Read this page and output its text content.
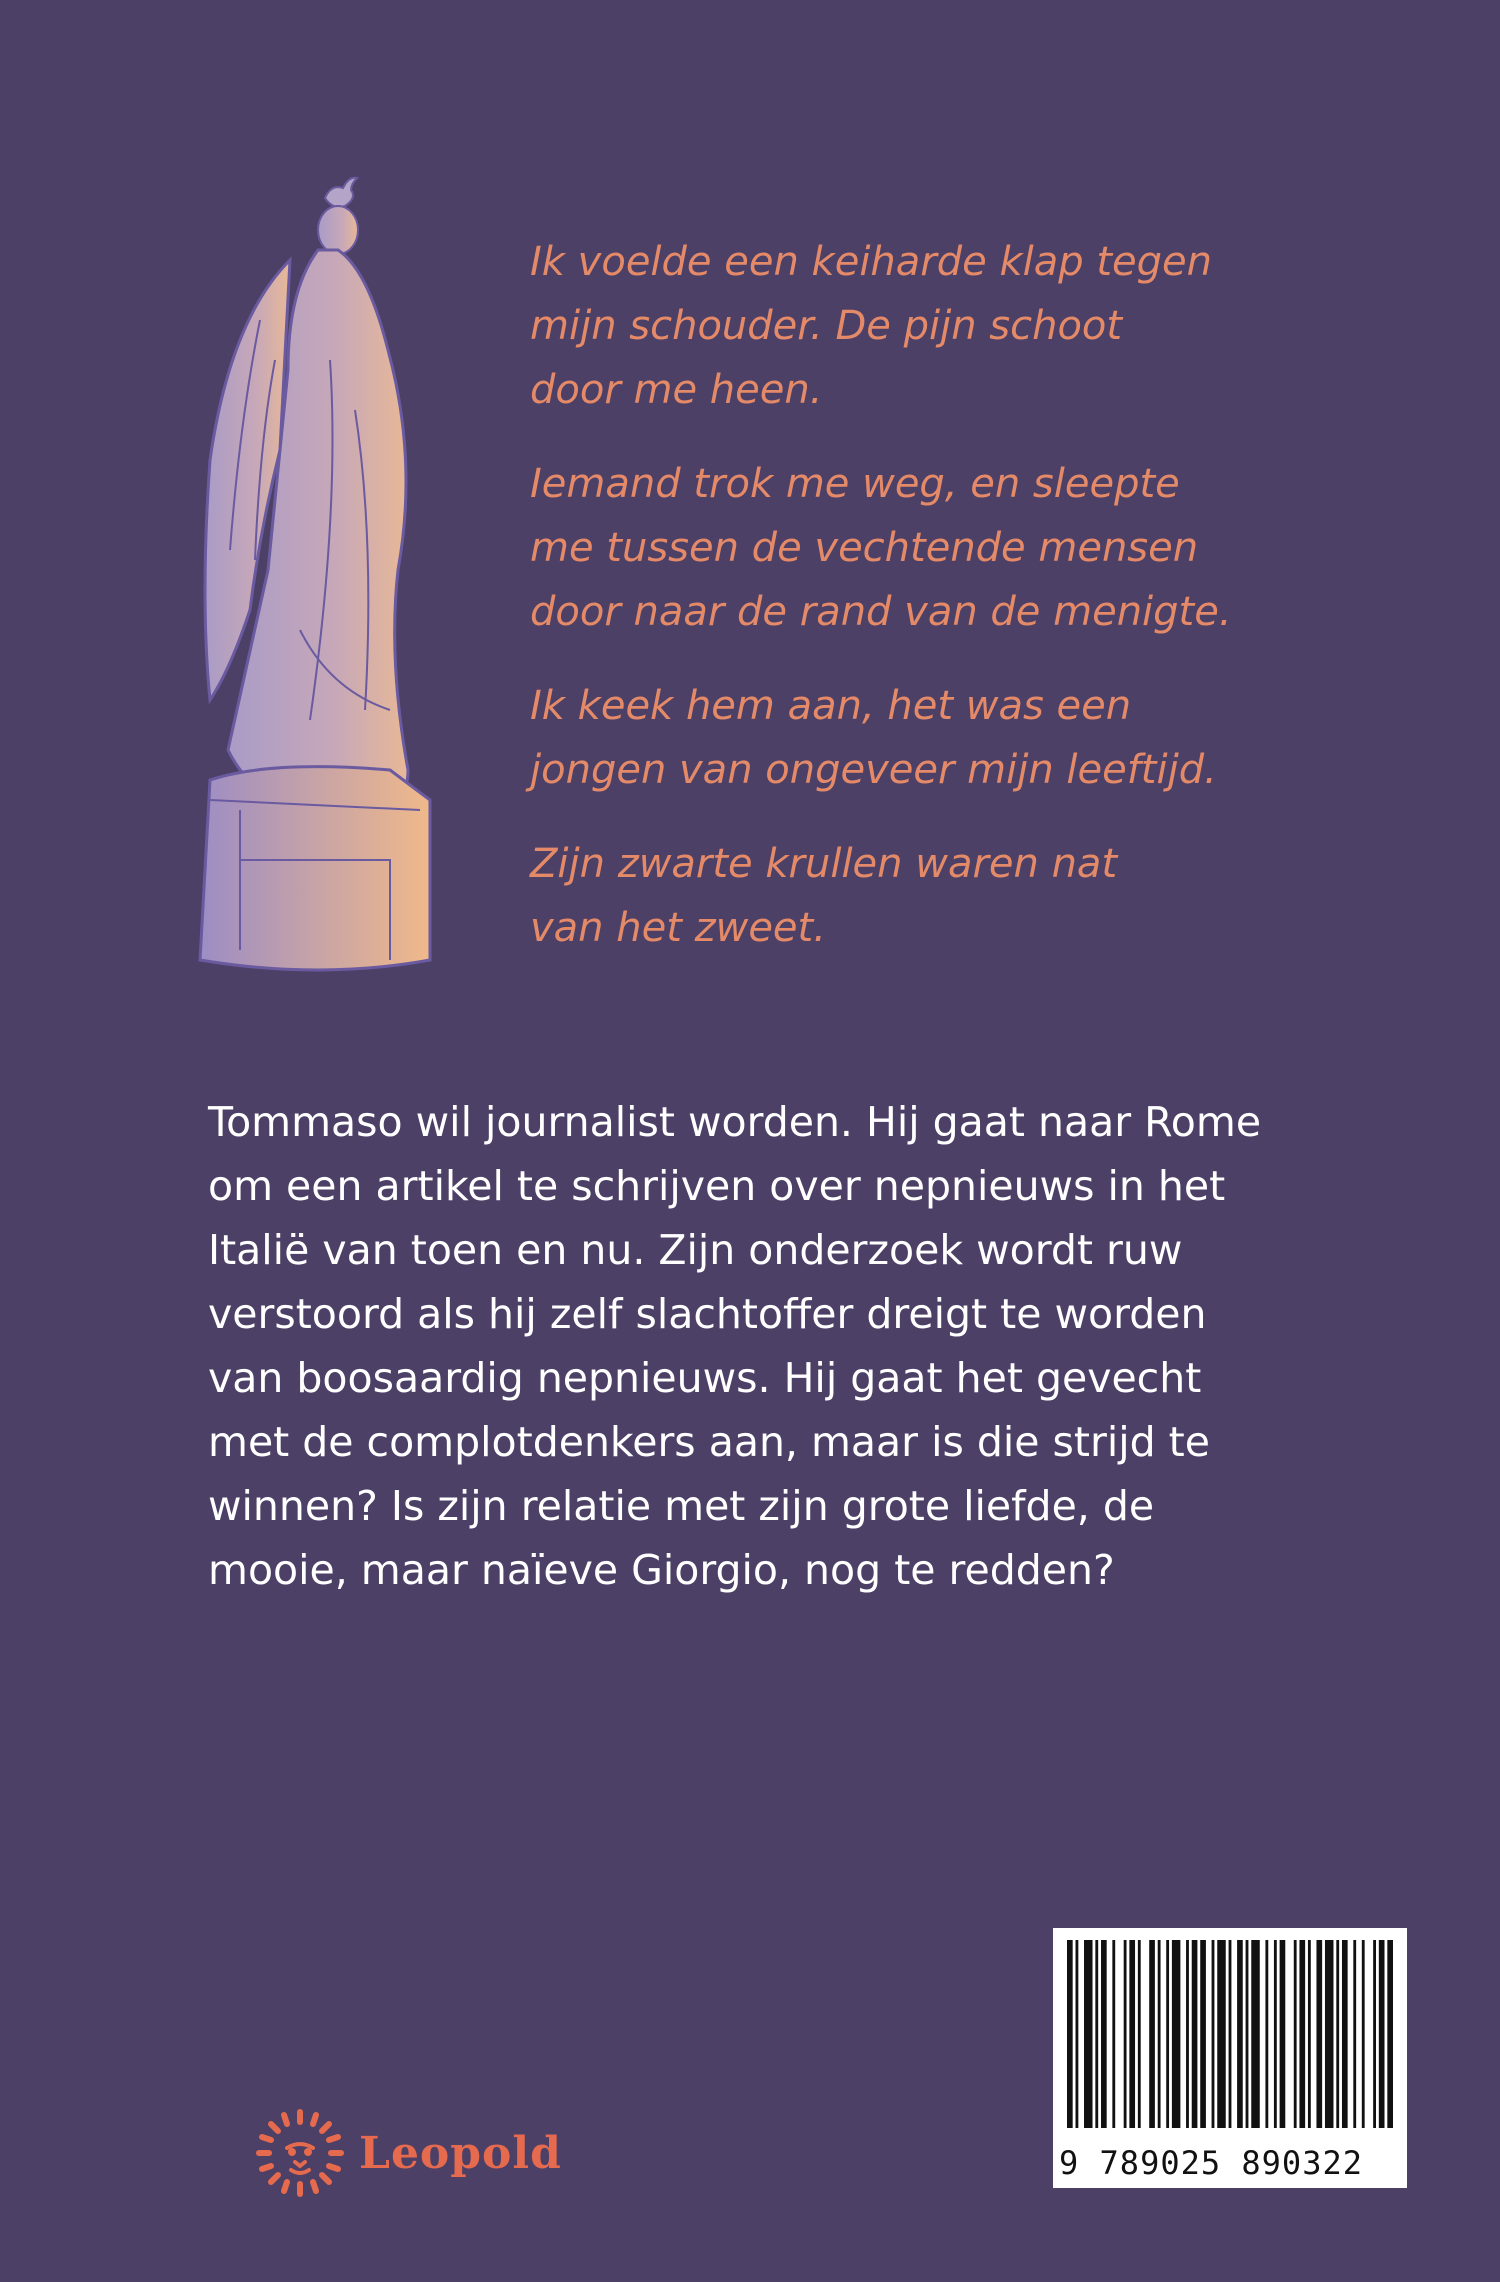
Ik voelde een keiharde klap tegen
mijn schouder. De pijn schoot
door me heen.

Iemand trok me weg, en sleepte
me tussen de vechtende mensen
door naar de rand van de menigte.

Ik keek hem aan, het was een
jongen van ongeveer mijn leeftijd.

Zijn zwarte krullen waren nat
van het zweet.

Tommaso wil journalist worden. Hij gaat naar Rome
om een artikel te schrijven over nepnieuws in het
Italië van toen en nu. Zijn onderzoek wordt ruw
verstoord als hij zelf slachtoffer dreigt te worden
van boosaardig nepnieuws. Hij gaat het gevecht
met de complotdenkers aan, maar is die strijd te
winnen? Is zijn relatie met zijn grote liefde, de
mooie, maar naïeve Giorgio, nog te redden?

Leopold	9 789025 890322
